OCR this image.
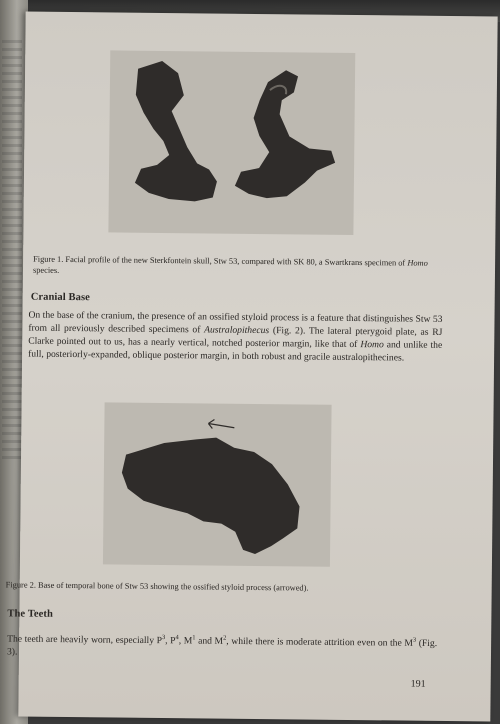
Figure 1. Facial profile of the new Sterkfontein skull, Stw 53, compared with SK 80, a Swartkrans specimen of Homo species.
Cranial Base
On the base of the cranium, the presence of an ossified styloid process is a feature that distinguishes Stw 53 from all previously described specimens of Australopithecus (Fig. 2). The lateral pterygoid plate, as RJ Clarke pointed out to us, has a nearly vertical, notched posterior margin, like that of Homo and unlike the full, posteriorly-expanded, oblique posterior margin, in both robust and gracile australopithecines.
Figure 2. Base of temporal bone of Stw 53 showing the ossified styloid process (arrowed).
The Teeth
The teeth are heavily worn, especially $P^3$, $P^4$, $M^1$ and $M^2$, while there is moderate attrition even on the $M^3$ (Fig. 3).
191
